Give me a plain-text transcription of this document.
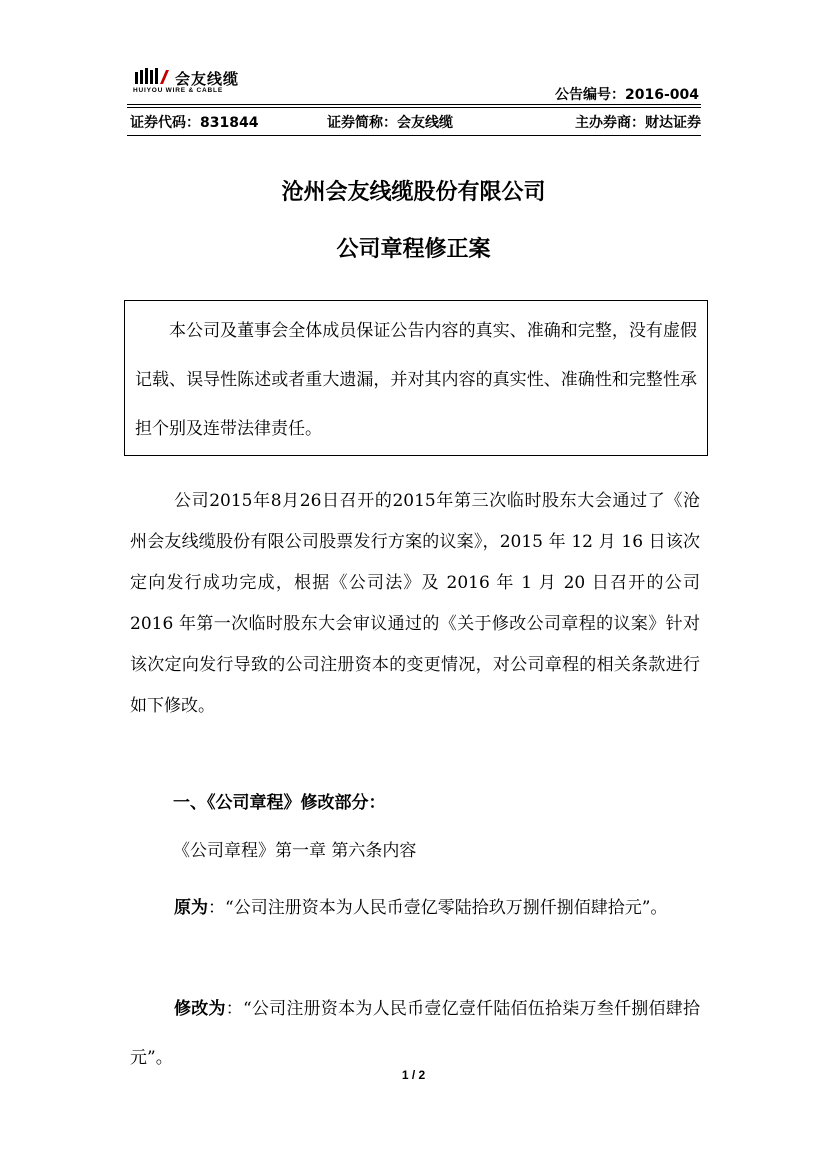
会友线缆
HUIYOU WIRE & CABLE	公告编号：2016-004
证券代码：831844	证券简称：会友线缆	主办券商：财达证券
沧州会友线缆股份有限公司
公司章程修正案
本公司及董事会全体成员保证公告内容的真实、准确和完整，没有虚假记载、误导性陈述或者重大遗漏，并对其内容的真实性、准确性和完整性承担个别及连带法律责任。
公司2015年8月26日召开的2015年第三次临时股东大会通过了《沧州会友线缆股份有限公司股票发行方案的议案》，2015 年 12 月 16 日该次定向发行成功完成，根据《公司法》及 2016 年 1 月 20 日召开的公司 2016 年第一次临时股东大会审议通过的《关于修改公司章程的议案》针对该次定向发行导致的公司注册资本的变更情况，对公司章程的相关条款进行如下修改。
一、《公司章程》修改部分：
《公司章程》第一章 第六条内容
原为：“公司注册资本为人民币壹亿零陆拾玖万捌仟捌佰肆拾元”。
修改为：“公司注册资本为人民币壹亿壹仟陆佰伍拾柒万叁仟捌佰肆拾元”。
1 / 2
